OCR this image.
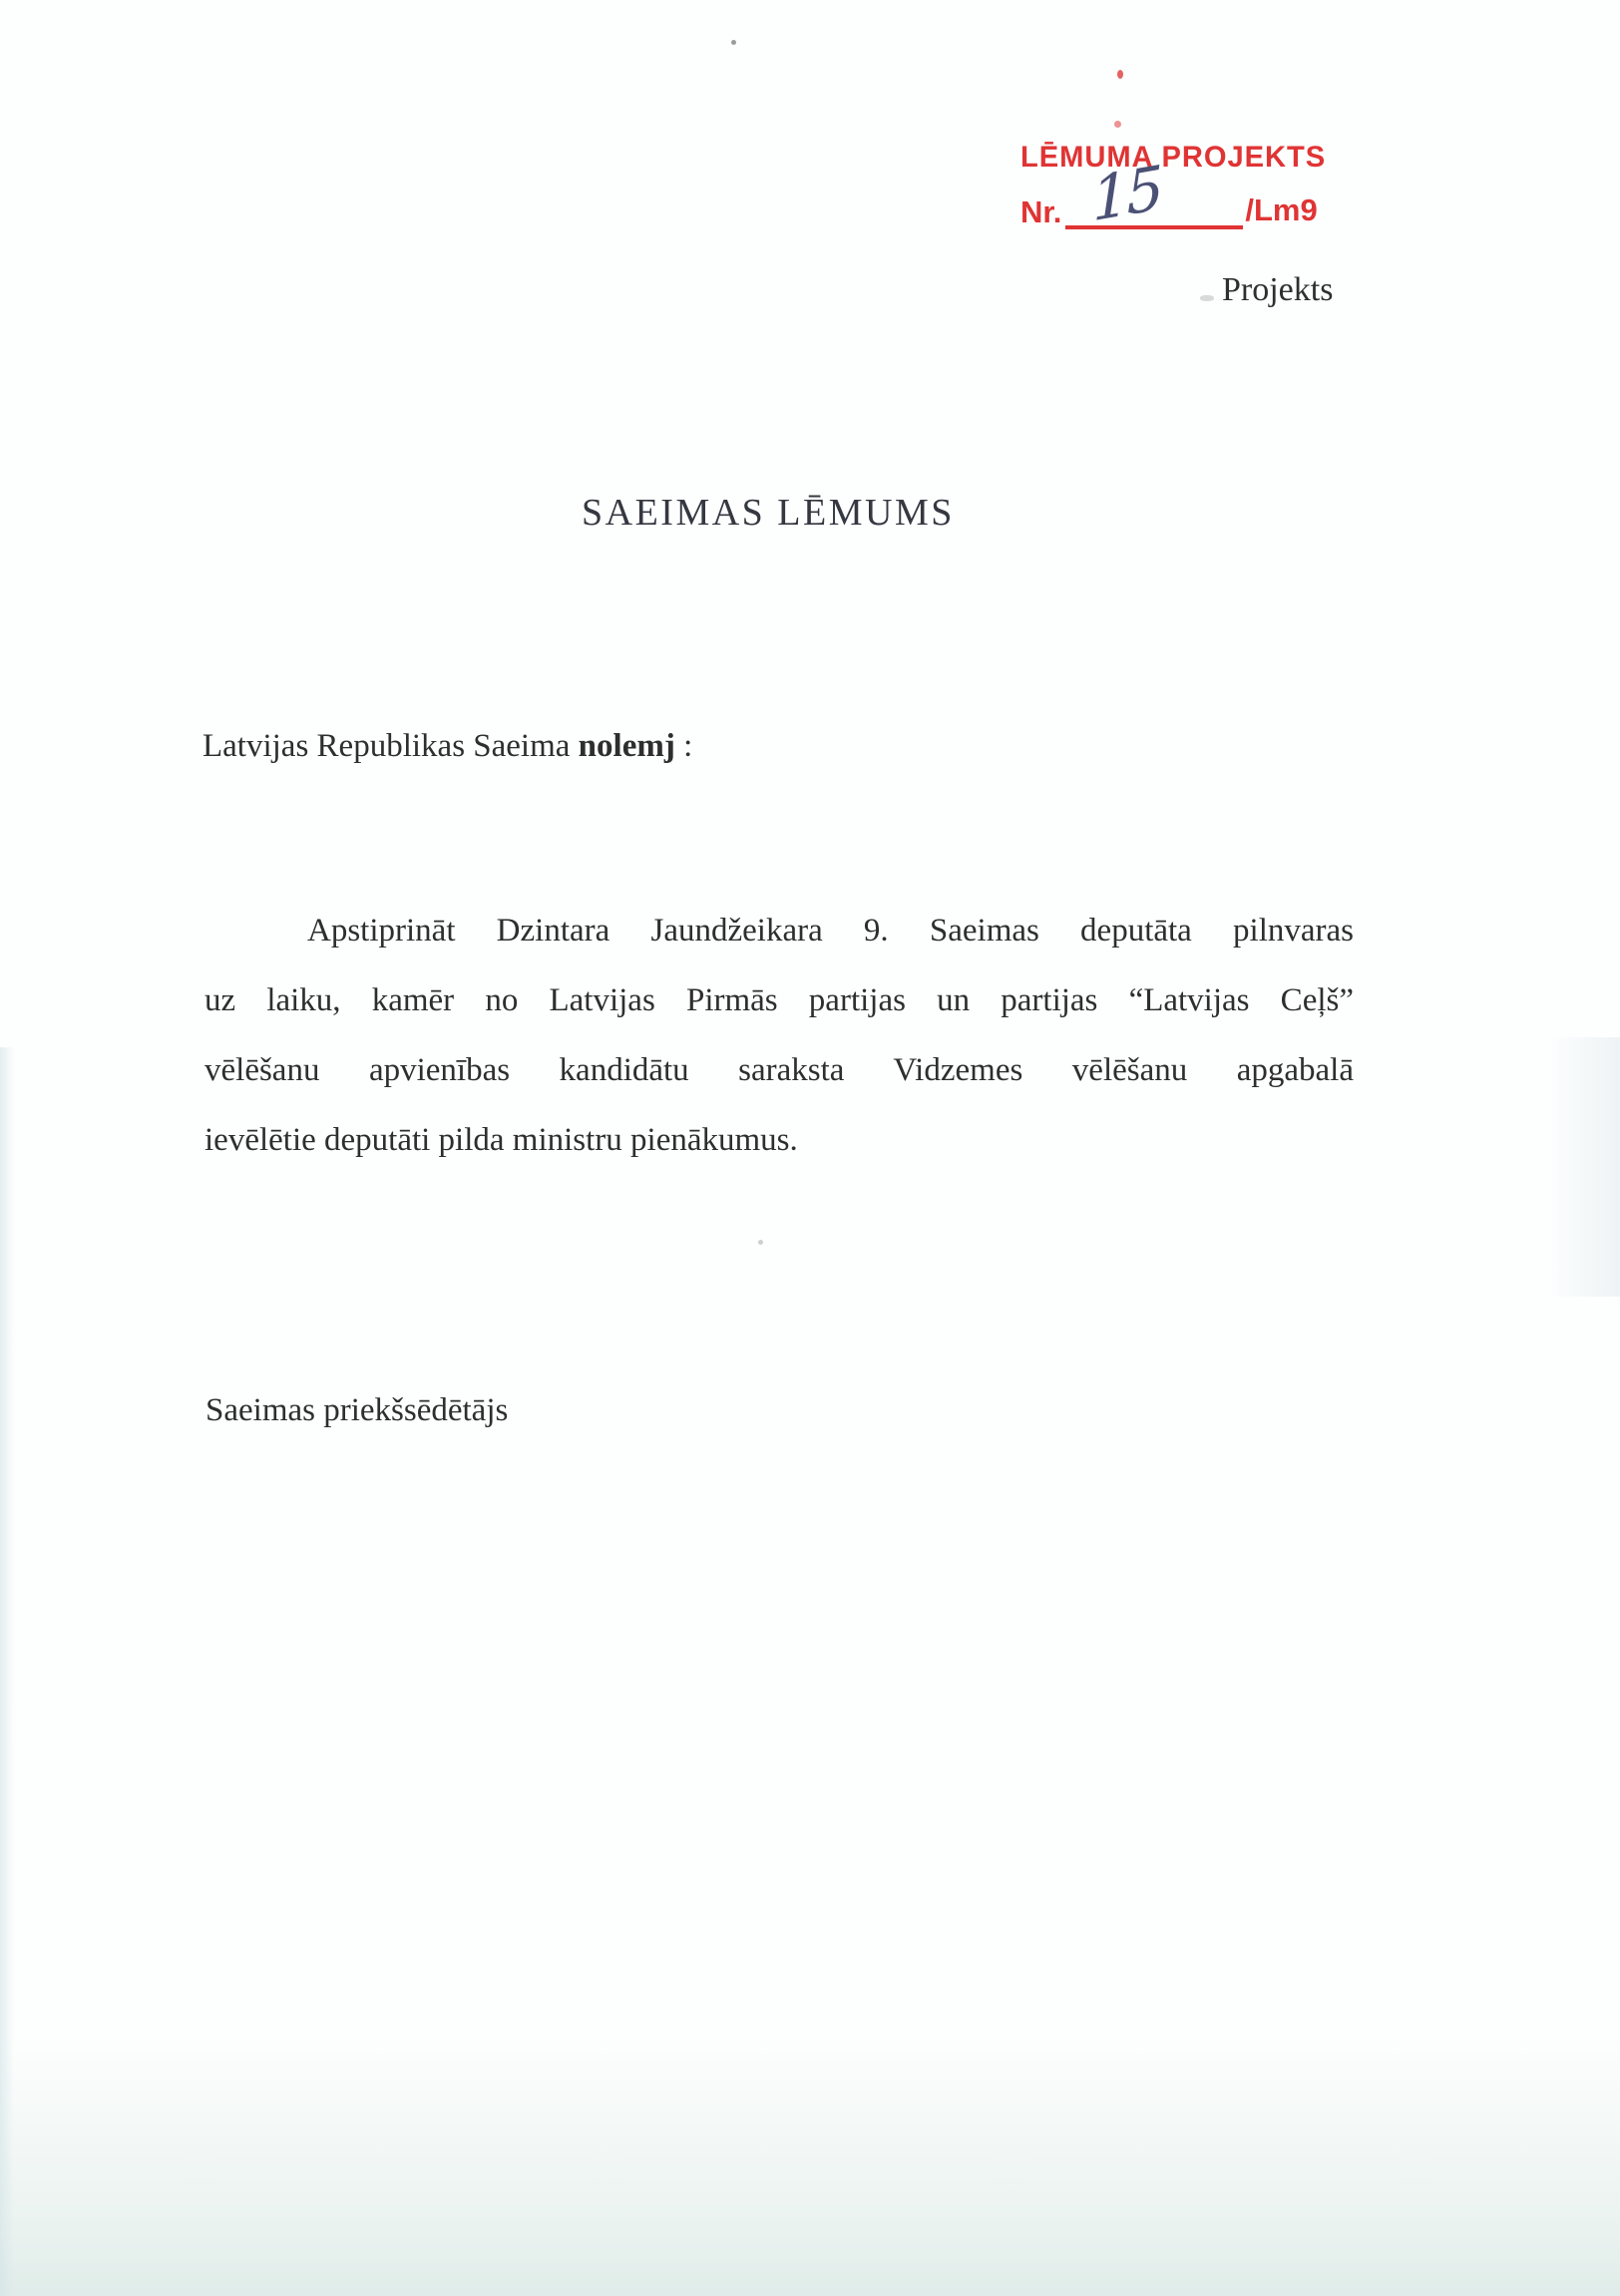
LĒMUMA PROJEKTS
Nr. 15	/Lm9
Projekts
SAEIMAS LĒMUMS
Latvijas Republikas Saeima nolemj :
Apstiprināt Dzintara Jaundžeikara 9. Saeimas deputāta pilnvaras
uz laiku, kamēr no Latvijas Pirmās partijas un partijas “Latvijas Ceļš”
vēlēšanu apvienības kandidātu saraksta Vidzemes vēlēšanu apgabalā
ievēlētie deputāti pilda ministru pienākumus.
Saeimas priekšsēdētājs
